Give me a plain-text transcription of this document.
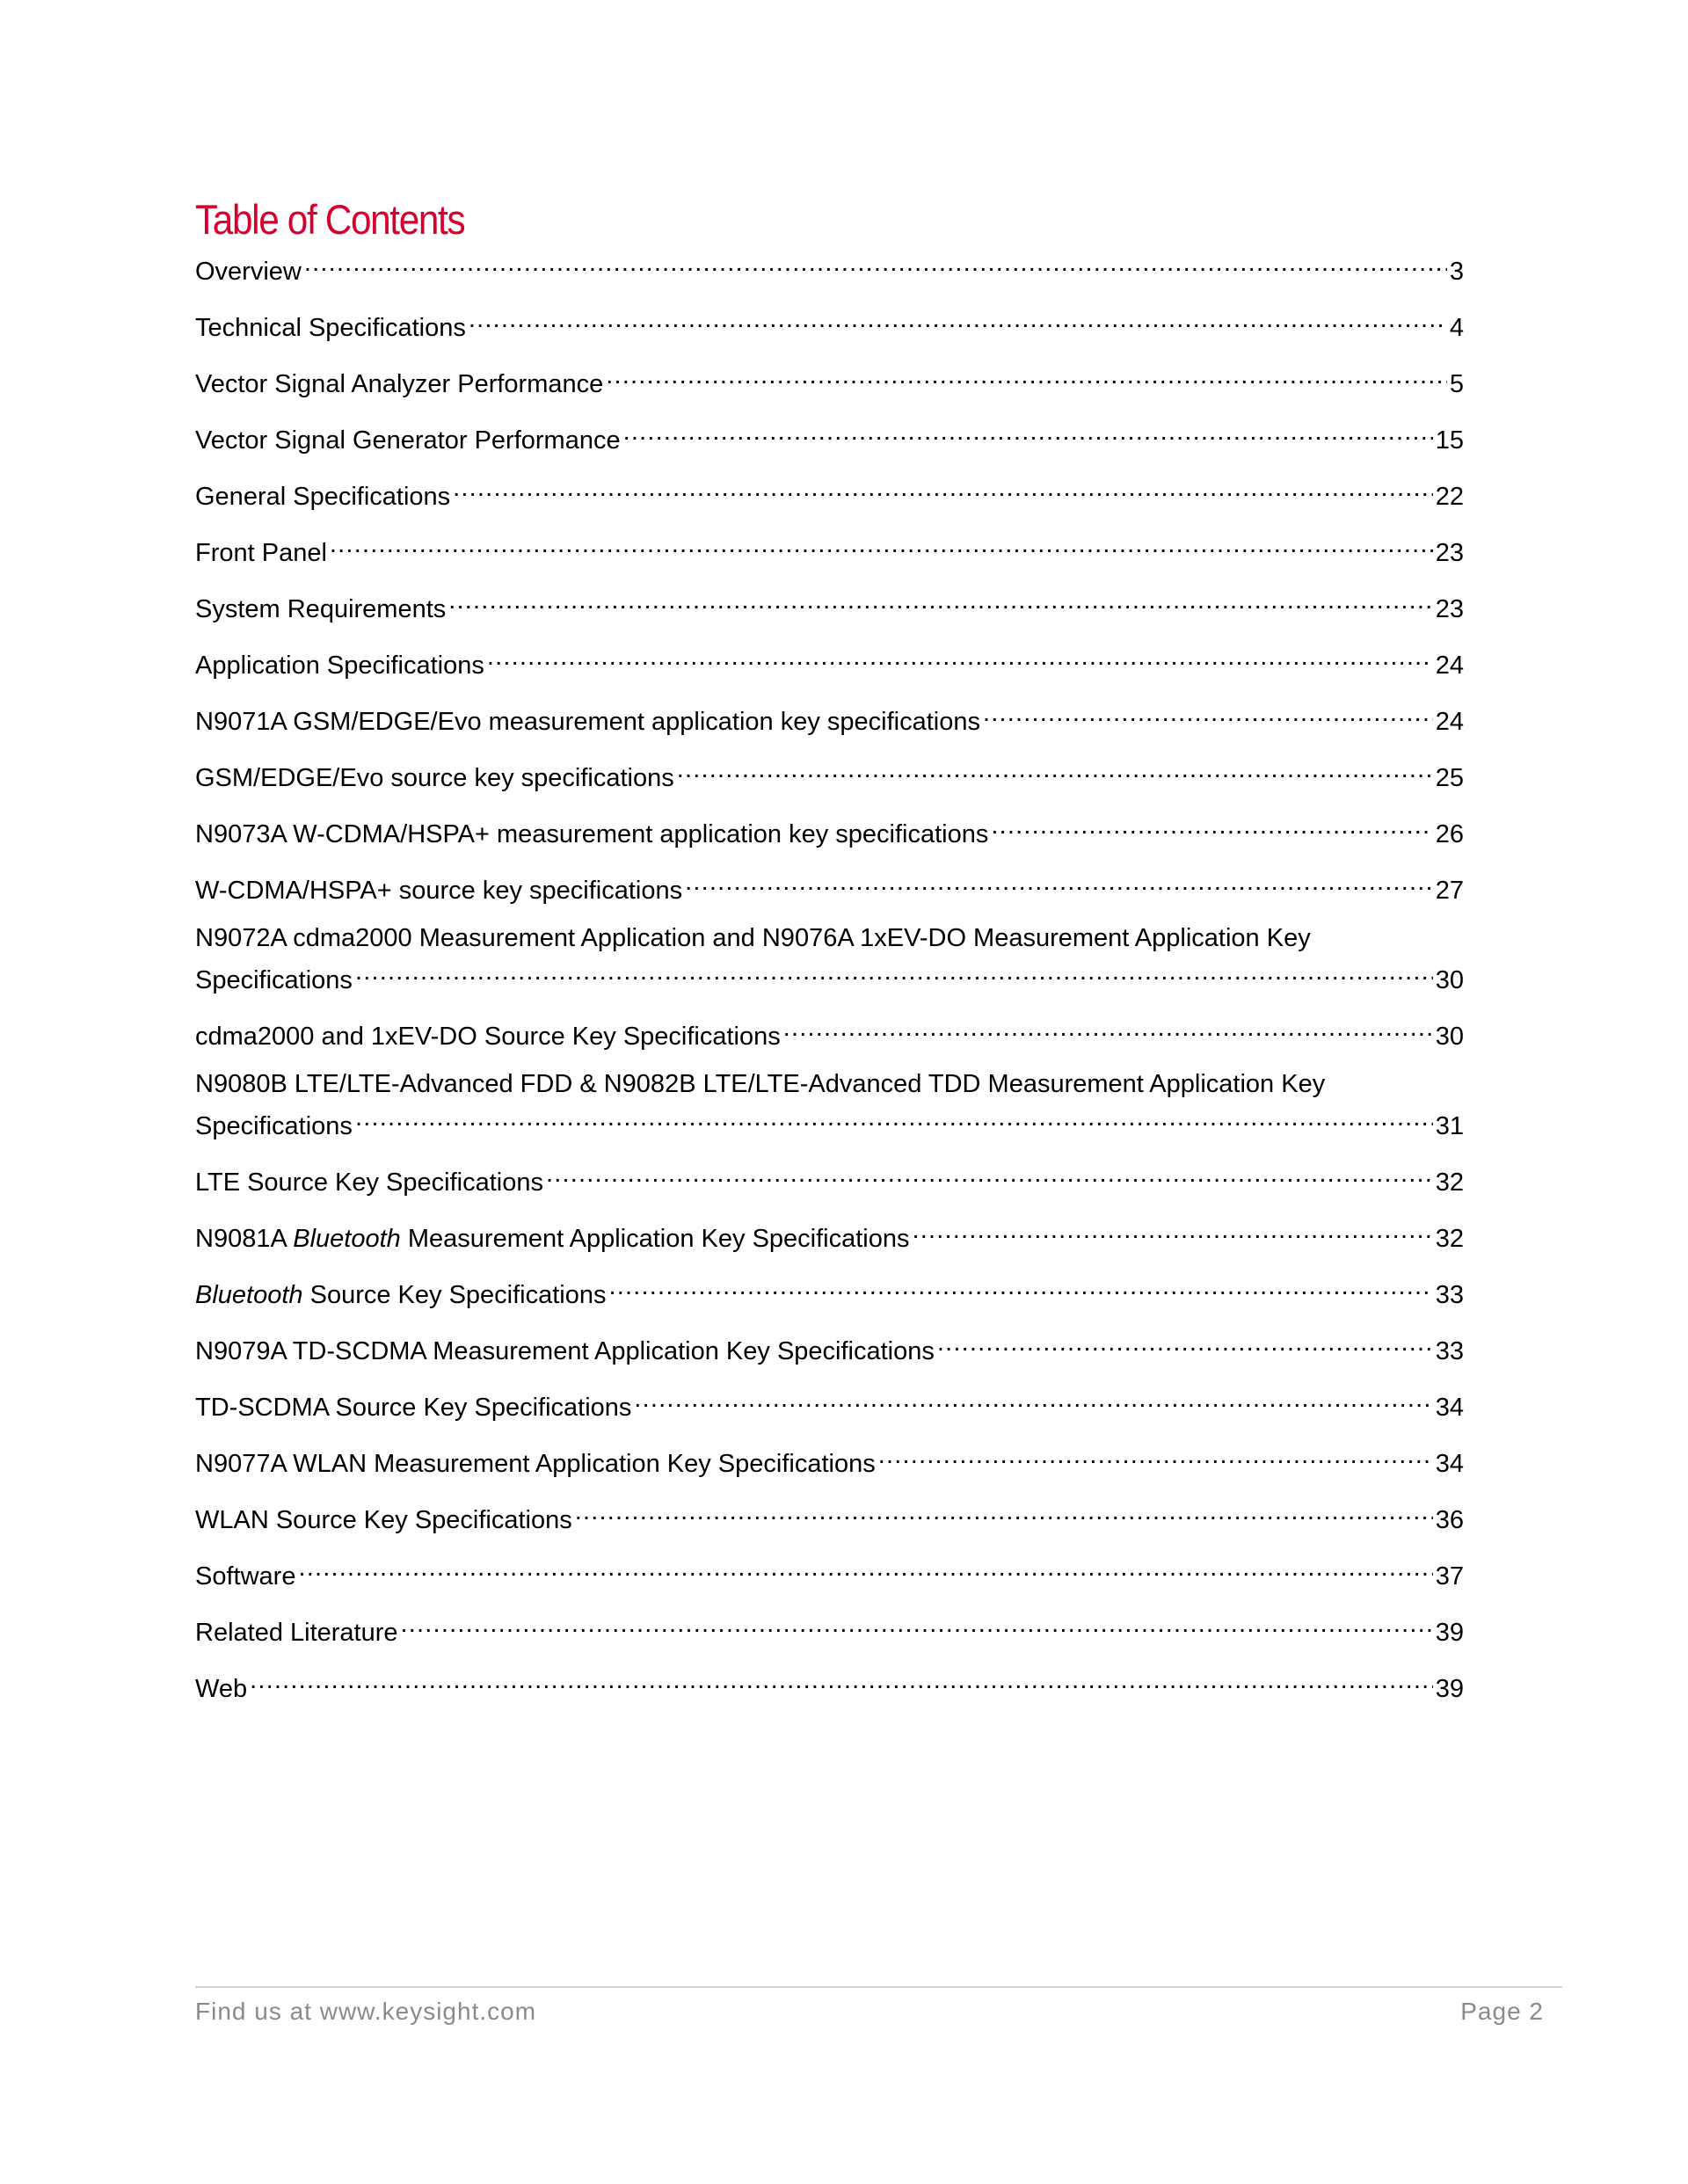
Table of Contents
Overview .....	3
Technical Specifications .....	4
Vector Signal Analyzer Performance .....	5
Vector Signal Generator Performance .....	15
General Specifications .....	22
Front Panel .....	23
System Requirements .....	23
Application Specifications .....	24
N9071A GSM/EDGE/Evo measurement application key specifications .....	24
GSM/EDGE/Evo source key specifications .....	25
N9073A W-CDMA/HSPA+ measurement application key specifications .....	26
W-CDMA/HSPA+ source key specifications .....	27
N9072A cdma2000 Measurement Application and N9076A 1xEV-DO Measurement Application Key
Specifications .....	30
cdma2000 and 1xEV-DO Source Key Specifications .....	30
N9080B LTE/LTE-Advanced FDD & N9082B LTE/LTE-Advanced TDD Measurement Application Key
Specifications .....	31
LTE Source Key Specifications .....	32
N9081A Bluetooth Measurement Application Key Specifications .....	32
Bluetooth Source Key Specifications .....	33
N9079A TD-SCDMA Measurement Application Key Specifications .....	33
TD-SCDMA Source Key Specifications .....	34
N9077A WLAN Measurement Application Key Specifications .....	34
WLAN Source Key Specifications .....	36
Software .....	37
Related Literature .....	39
Web .....	39
Find us at www.keysight.com	Page 2
